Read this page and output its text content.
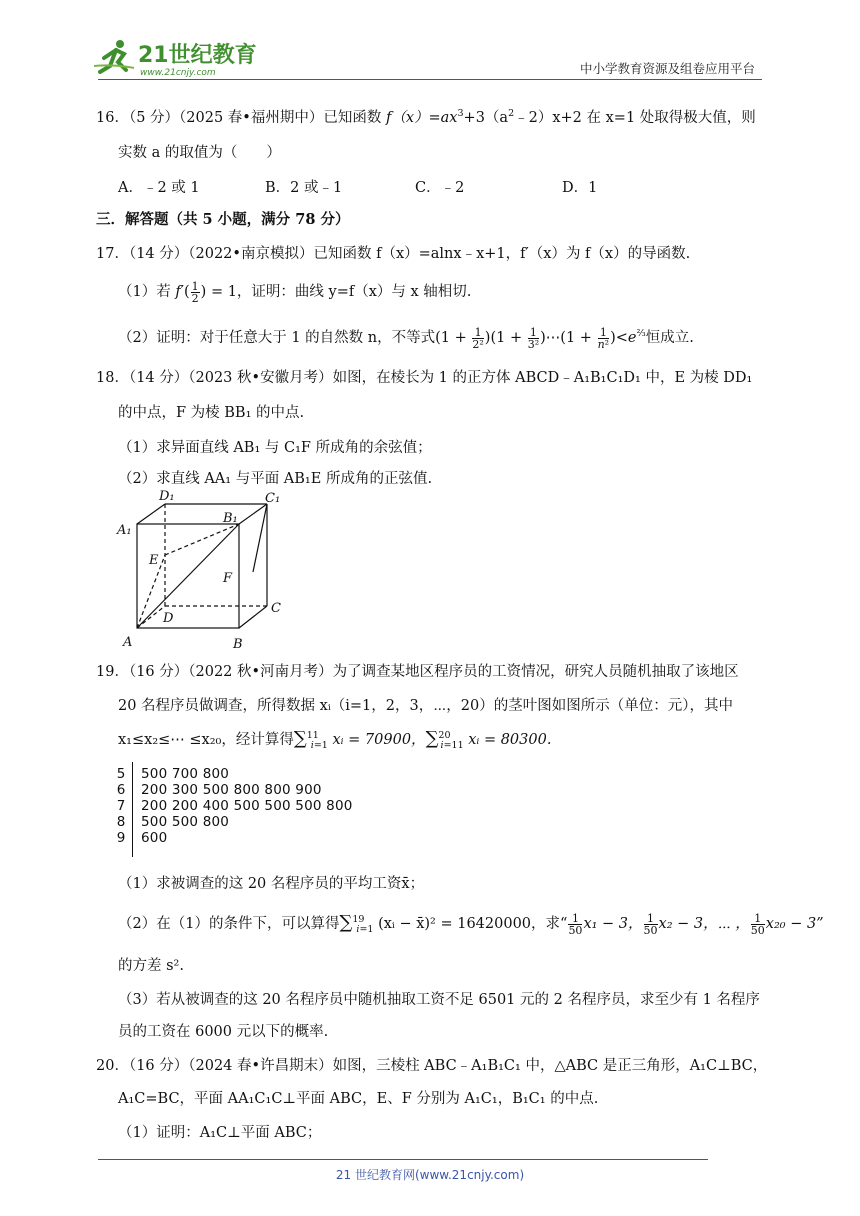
21世纪教育
www.21cnjy.com	中小学教育资源及组卷应用平台
16．（5 分）（2025 春•福州期中）已知函数 $f(x)=ax^3+3(a^2﹣2)x+2$ 在 x=1 处取得极大值，则
实数 a 的取值为（　　）
A．﹣2 或 1	B．2 或﹣1	C．﹣2	D．1
三．解答题（共 5 小题，满分 78 分）
17．（14 分）（2022•南京模拟）已知函数 f（x）=alnx﹣x+1，f′（x）为 f（x）的导函数.
（1）若 $f'( \frac{1}{2}$ ) = 1，证明：曲线 y=f（x）与 x 轴相切.
（2）证明：对于任意大于 1 的自然数 n，不等式$(1 + \frac{1}{\text{2²}} )(1 + \frac{1}{\text{3²}}$ )⋯(1 + $\frac{1}{\text{n²}} )<e^{\frac{2}{3}}$恒成立.
18．（14 分）（2023 秋•安徽月考）如图，在棱长为 1 的正方体 ABCD﹣A₁B₁C₁D₁ 中，E 为棱 DD₁
的中点，F 为棱 BB₁ 的中点.
（1）求异面直线 AB₁ 与 C₁F 所成角的余弦值；
（2）求直线 AA₁ 与平面 AB₁E 所成角的正弦值.
D₁	C₁
A₁
B₁
E
F
D
C
A	B
19．（16 分）（2022 秋•河南月考）为了调查某地区程序员的工资情况，研究人员随机抽取了该地区
20 名程序员做调查，所得数据 xᵢ（i=1，2，3，⋯，20）的茎叶图如图所示（单位：元），其中
x₁≤x₂≤⋯ ≤x₂₀，经计算得∑$^{11}_{i=1}$ xᵢ = 70900，∑$^{20}_{i=11}$ xᵢ = 80300.
5 500 700 800
6 200 300 500 800 800 900
7 200 200 400 500 500 500 800
8 500 500 800
9 600
（1）求被调查的这 20 名程序员的平均工资x̄；
（2）在（1）的条件下，可以算得∑$^{19}_{i=1}$ (xᵢ − x̄)² = 16420000，求“ $\frac{1}{50} x_1 - 3$， $\frac{1}{50} x_2 - 3$，⋯ ， $\frac{1}{50} x_{20} - 3$”
的方差 s².
（3）若从被调查的这 20 名程序员中随机抽取工资不足 6501 元的 2 名程序员，求至少有 1 名程序
员的工资在 6000 元以下的概率.
20．（16 分）（2024 春•许昌期末）如图，三棱柱 ABC﹣A₁B₁C₁ 中，△ABC 是正三角形，A₁C⊥BC，
A₁C=BC，平面 AA₁C₁C⊥平面 ABC，E、F 分别为 A₁C₁，B₁C₁ 的中点.
（1）证明：A₁C⊥平面 ABC；
21 世纪教育网(www.21cnjy.com)
